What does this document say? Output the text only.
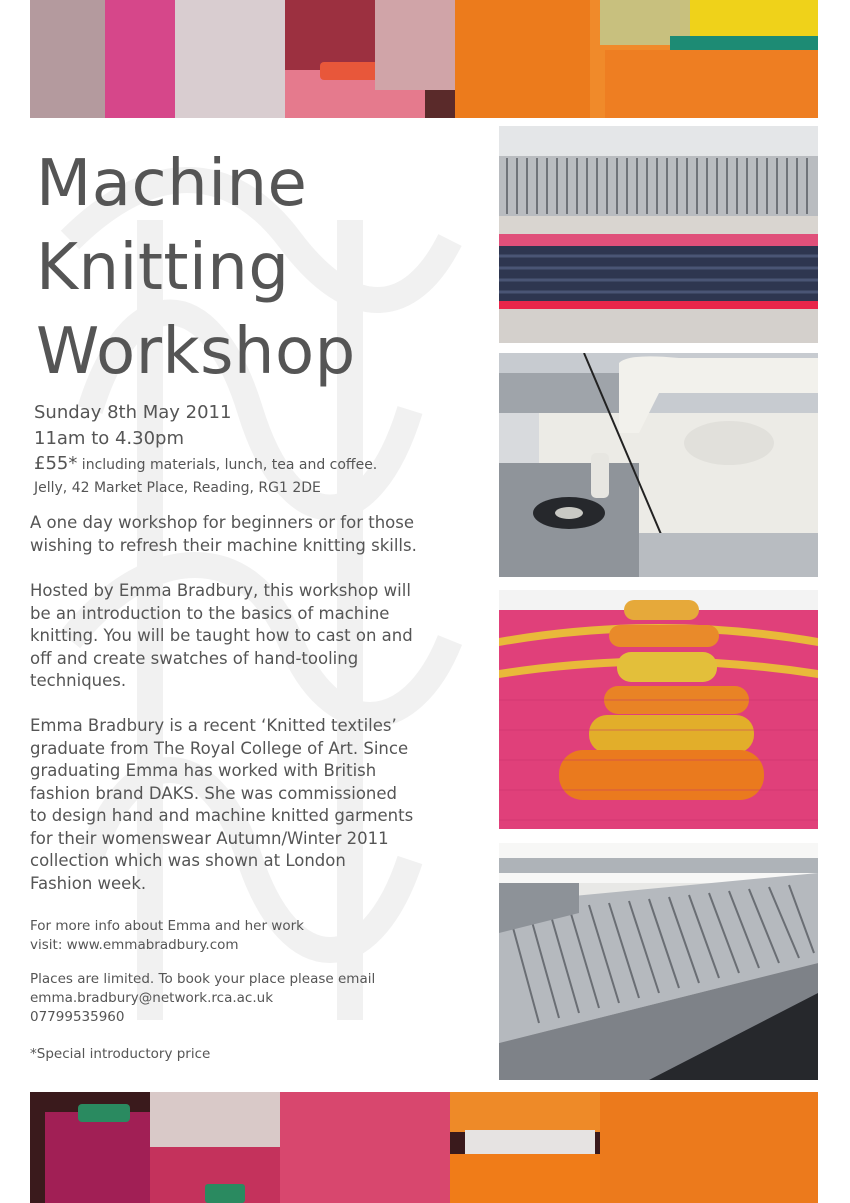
Machine
Knitting
Workshop
Sunday 8th May 2011
11am to 4.30pm
£55* including materials, lunch, tea and coffee.
Jelly, 42 Market Place, Reading, RG1 2DE

A one day workshop for beginners or for those
wishing to refresh their machine knitting skills.

Hosted by Emma Bradbury, this workshop will
be an introduction to the basics of machine
knitting. You will be taught how to cast on and
off and create swatches of hand-tooling
techniques.

Emma Bradbury is a recent ‘Knitted textiles’
graduate from The Royal College of Art. Since
graduating Emma has worked with British
fashion brand DAKS. She was commissioned
to design hand and machine knitted garments
for their womenswear Autumn/Winter 2011
collection which was shown at London
Fashion week.

For more info about Emma and her work
visit: www.emmabradbury.com

Places are limited. To book your place please email
emma.bradbury@network.rca.ac.uk
07799535960

*Special introductory price
